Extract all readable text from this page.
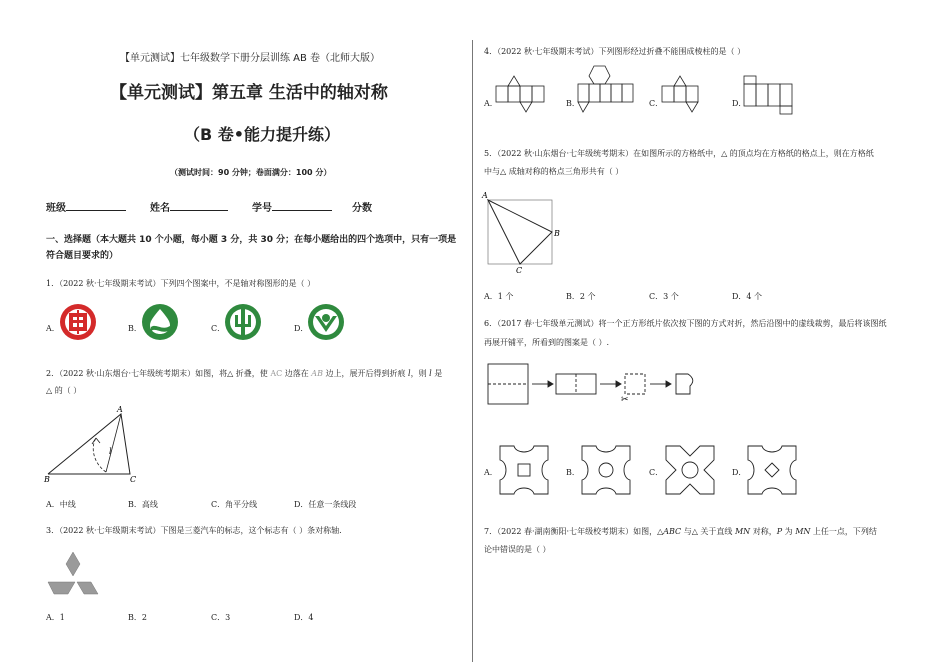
【单元测试】七年级数学下册分层训练 AB 卷（北师大版）
【单元测试】第五章 生活中的轴对称
（B 卷•能力提升练）
（测试时间：90 分钟；卷面满分：100 分）
班级	姓名	学号	分数
一、选择题（本大题共 10 个小题，每小题 3 分，共 30 分；在每小题给出的四个选项中，只有一项是
符合题目要求的）
1．（2022 秋·七年级期末考试）下列四个图案中，不是轴对称图形的是（ ）
A．	B．	C．	D．
2．（2022 秋·山东烟台·七年级统考期末）如图，将△ 折叠，使 AC 边落在 AB 边上，展开后得到折痕 l，则 l 是
△ 的（ ）
A
B	C
l
A．中线	B．高线	C．角平分线	D．任意一条线段
3．（2022 秋·七年级期末考试）下图是三菱汽车的标志，这个标志有（ ）条对称轴.
A．1	B．2	C．3	D．4
4．（2022 秋·七年级期末考试）下列图形经过折叠不能围成棱柱的是（ ）
A．	B．	C．	D．
5．（2022 秋·山东烟台·七年级统考期末）在如图所示的方格纸中，△ 的顶点均在方格纸的格点上，则在方格纸
中与△ 成轴对称的格点三角形共有（ ）
A
B
C
A．1 个	B．2 个	C．3 个	D．4 个
6．（2017 春·七年级单元测试）将一个正方形纸片依次按下图的方式对折，然后沿图中的虚线裁剪，最后将该图纸
再展开铺平，所看到的图案是（ ）.
✂
A．	B．	C．	D．
7．（2022 春·湖南衡阳·七年级校考期末）如图，△ABC 与△ 关于直线 MN 对称，P 为 MN 上任一点，下列结
论中错误的是（ ）
